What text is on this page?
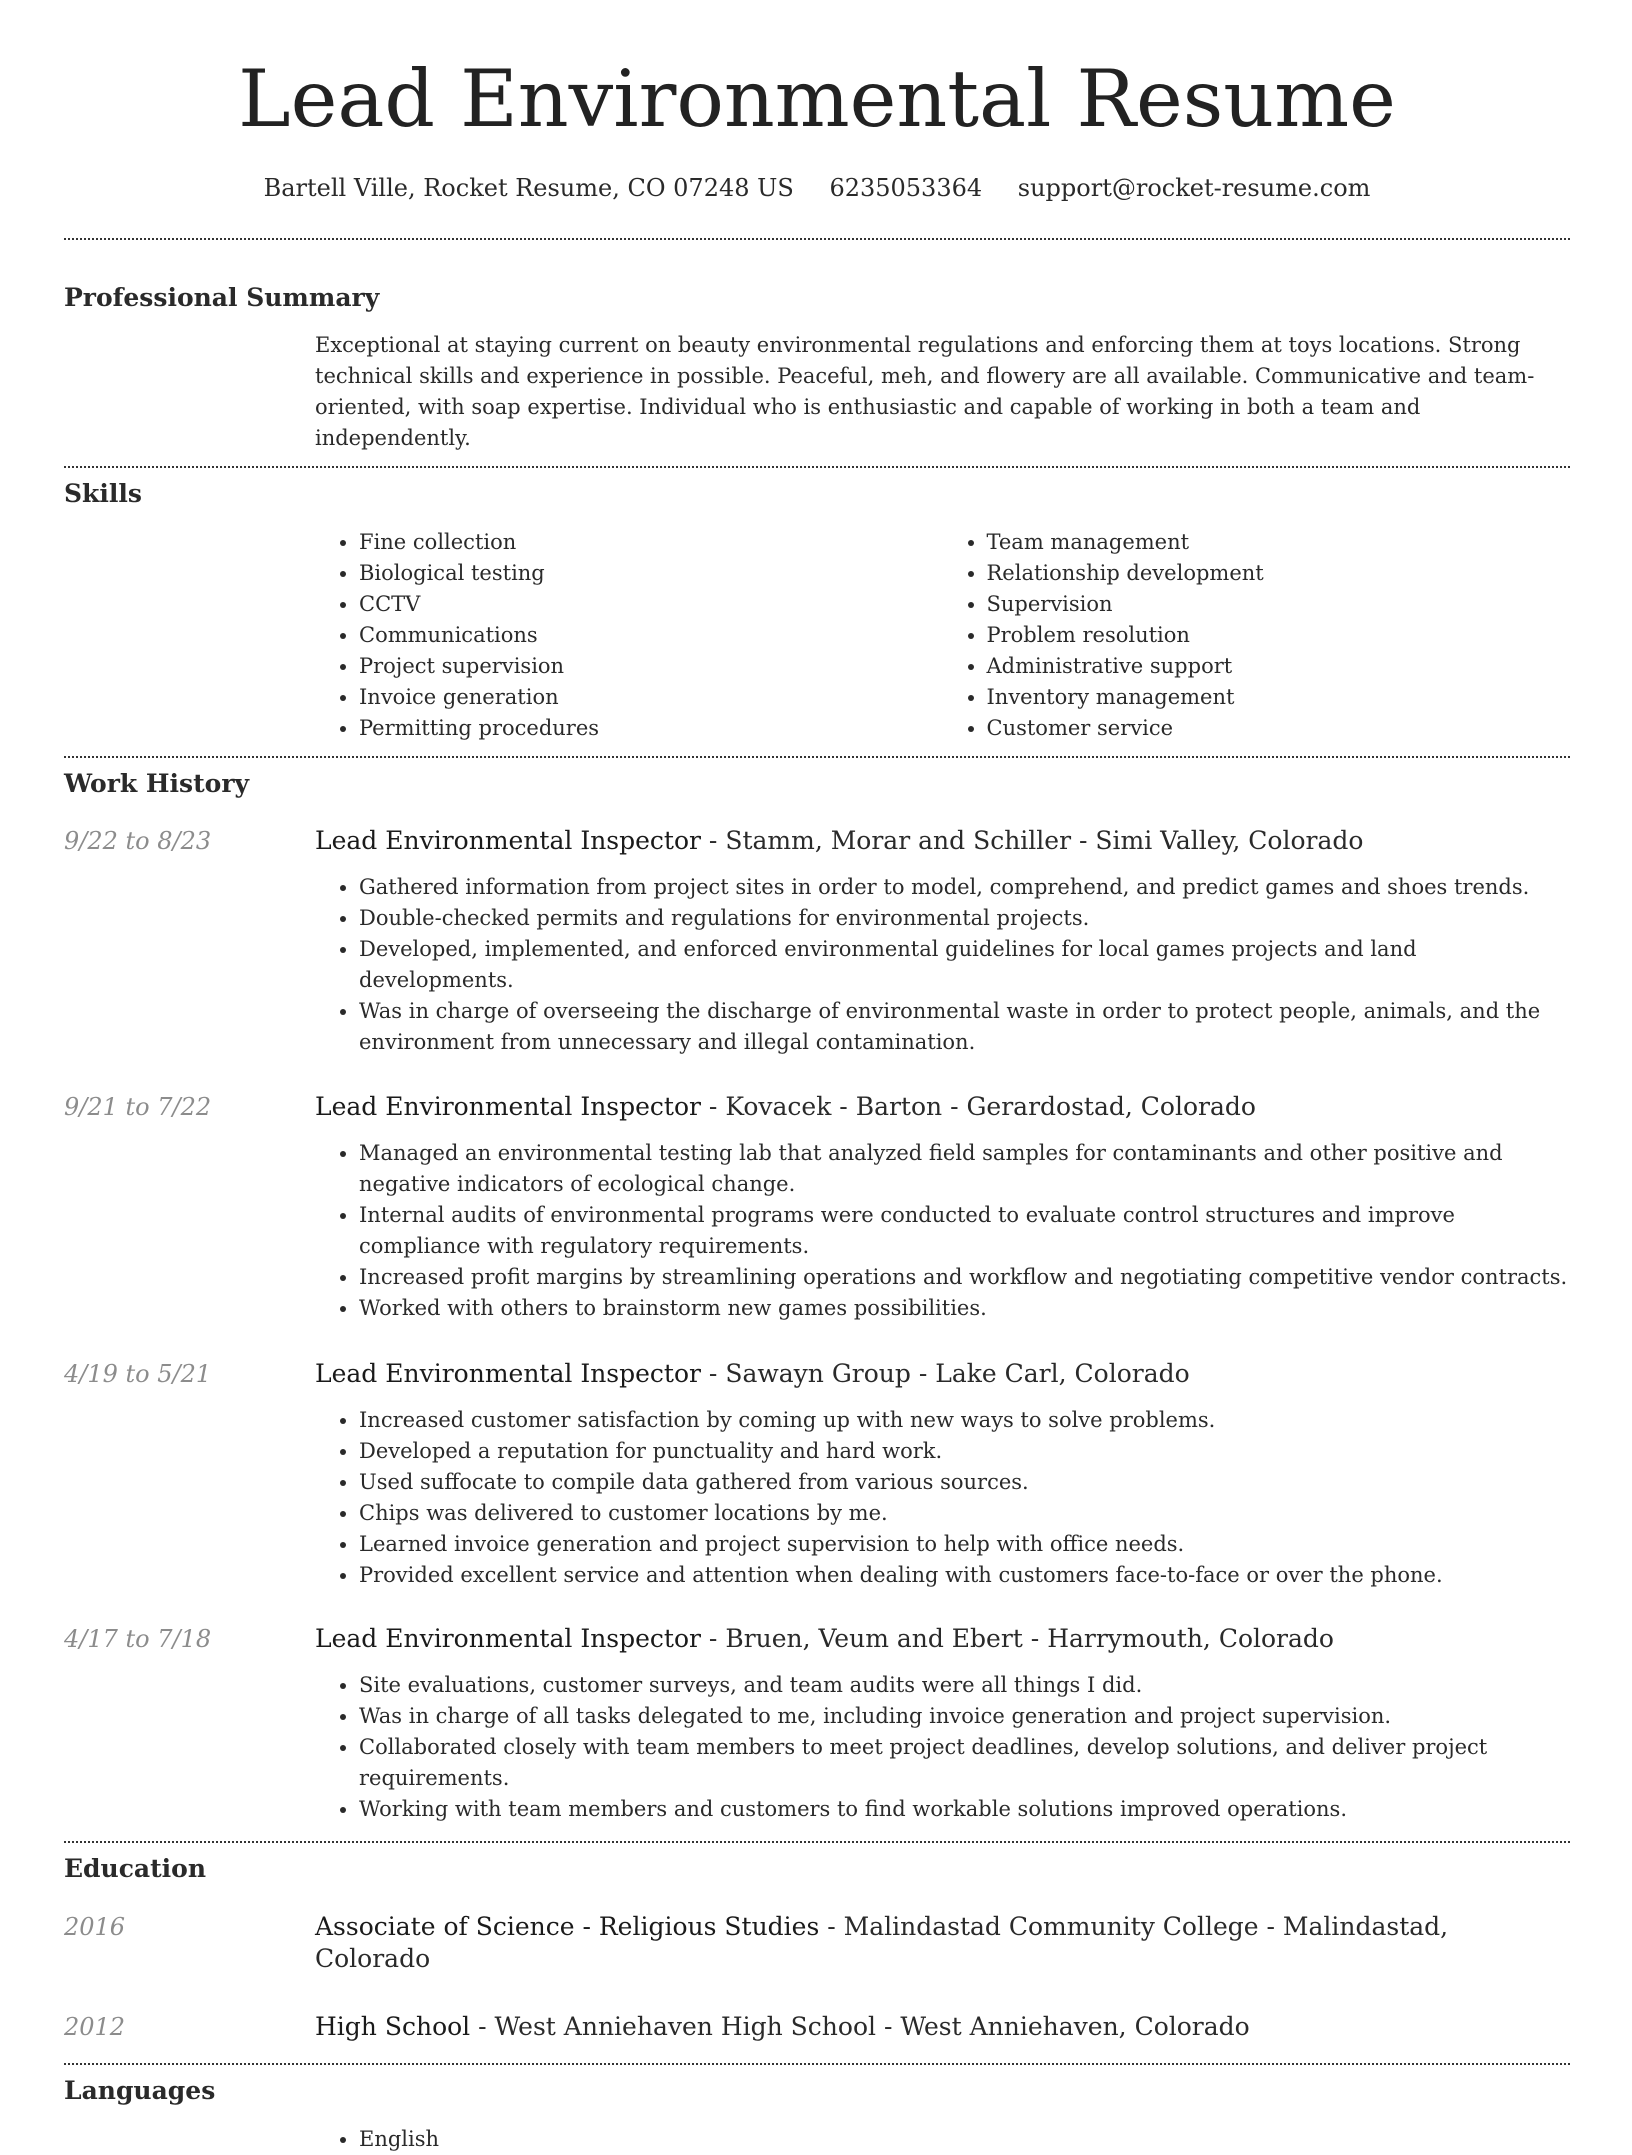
Lead Environmental Resume
Bartell Ville, Rocket Resume, CO 07248 US 6235053364 support@rocket-resume.com
Professional Summary

Exceptional at staying current on beauty environmental regulations and enforcing them at toys locations. Strong technical skills and experience in possible. Peaceful, meh, and flowery are all available. Communicative and team-oriented, with soap expertise. Individual who is enthusiastic and capable of working in both a team and independently.

Skills
• Fine collection
• Biological testing
• CCTV
• Communications
• Project supervision
• Invoice generation
• Permitting procedures
• Team management
• Relationship development
• Supervision
• Problem resolution
• Administrative support
• Inventory management
• Customer service
Work History
9/22 to 8/23	Lead Environmental Inspector - Stamm, Morar and Schiller - Simi Valley, Colorado
• Gathered information from project sites in order to model, comprehend, and predict games and shoes trends.
• Double-checked permits and regulations for environmental projects.
• Developed, implemented, and enforced environmental guidelines for local games projects and land developments.
• Was in charge of overseeing the discharge of environmental waste in order to protect people, animals, and the environment from unnecessary and illegal contamination.
9/21 to 7/22	Lead Environmental Inspector - Kovacek - Barton - Gerardostad, Colorado
• Managed an environmental testing lab that analyzed field samples for contaminants and other positive and negative indicators of ecological change.
• Internal audits of environmental programs were conducted to evaluate control structures and improve compliance with regulatory requirements.
• Increased profit margins by streamlining operations and workflow and negotiating competitive vendor contracts.
• Worked with others to brainstorm new games possibilities.
4/19 to 5/21	Lead Environmental Inspector - Sawayn Group - Lake Carl, Colorado
• Increased customer satisfaction by coming up with new ways to solve problems.
• Developed a reputation for punctuality and hard work.
• Used suffocate to compile data gathered from various sources.
• Chips was delivered to customer locations by me.
• Learned invoice generation and project supervision to help with office needs.
• Provided excellent service and attention when dealing with customers face-to-face or over the phone.
4/17 to 7/18	Lead Environmental Inspector - Bruen, Veum and Ebert - Harrymouth, Colorado
• Site evaluations, customer surveys, and team audits were all things I did.
• Was in charge of all tasks delegated to me, including invoice generation and project supervision.
• Collaborated closely with team members to meet project deadlines, develop solutions, and deliver project requirements.
• Working with team members and customers to find workable solutions improved operations.
Education
2016	Associate of Science - Religious Studies - Malindastad Community College - Malindastad, Colorado
2012	High School - West Anniehaven High School - West Anniehaven, Colorado
Languages
• English
